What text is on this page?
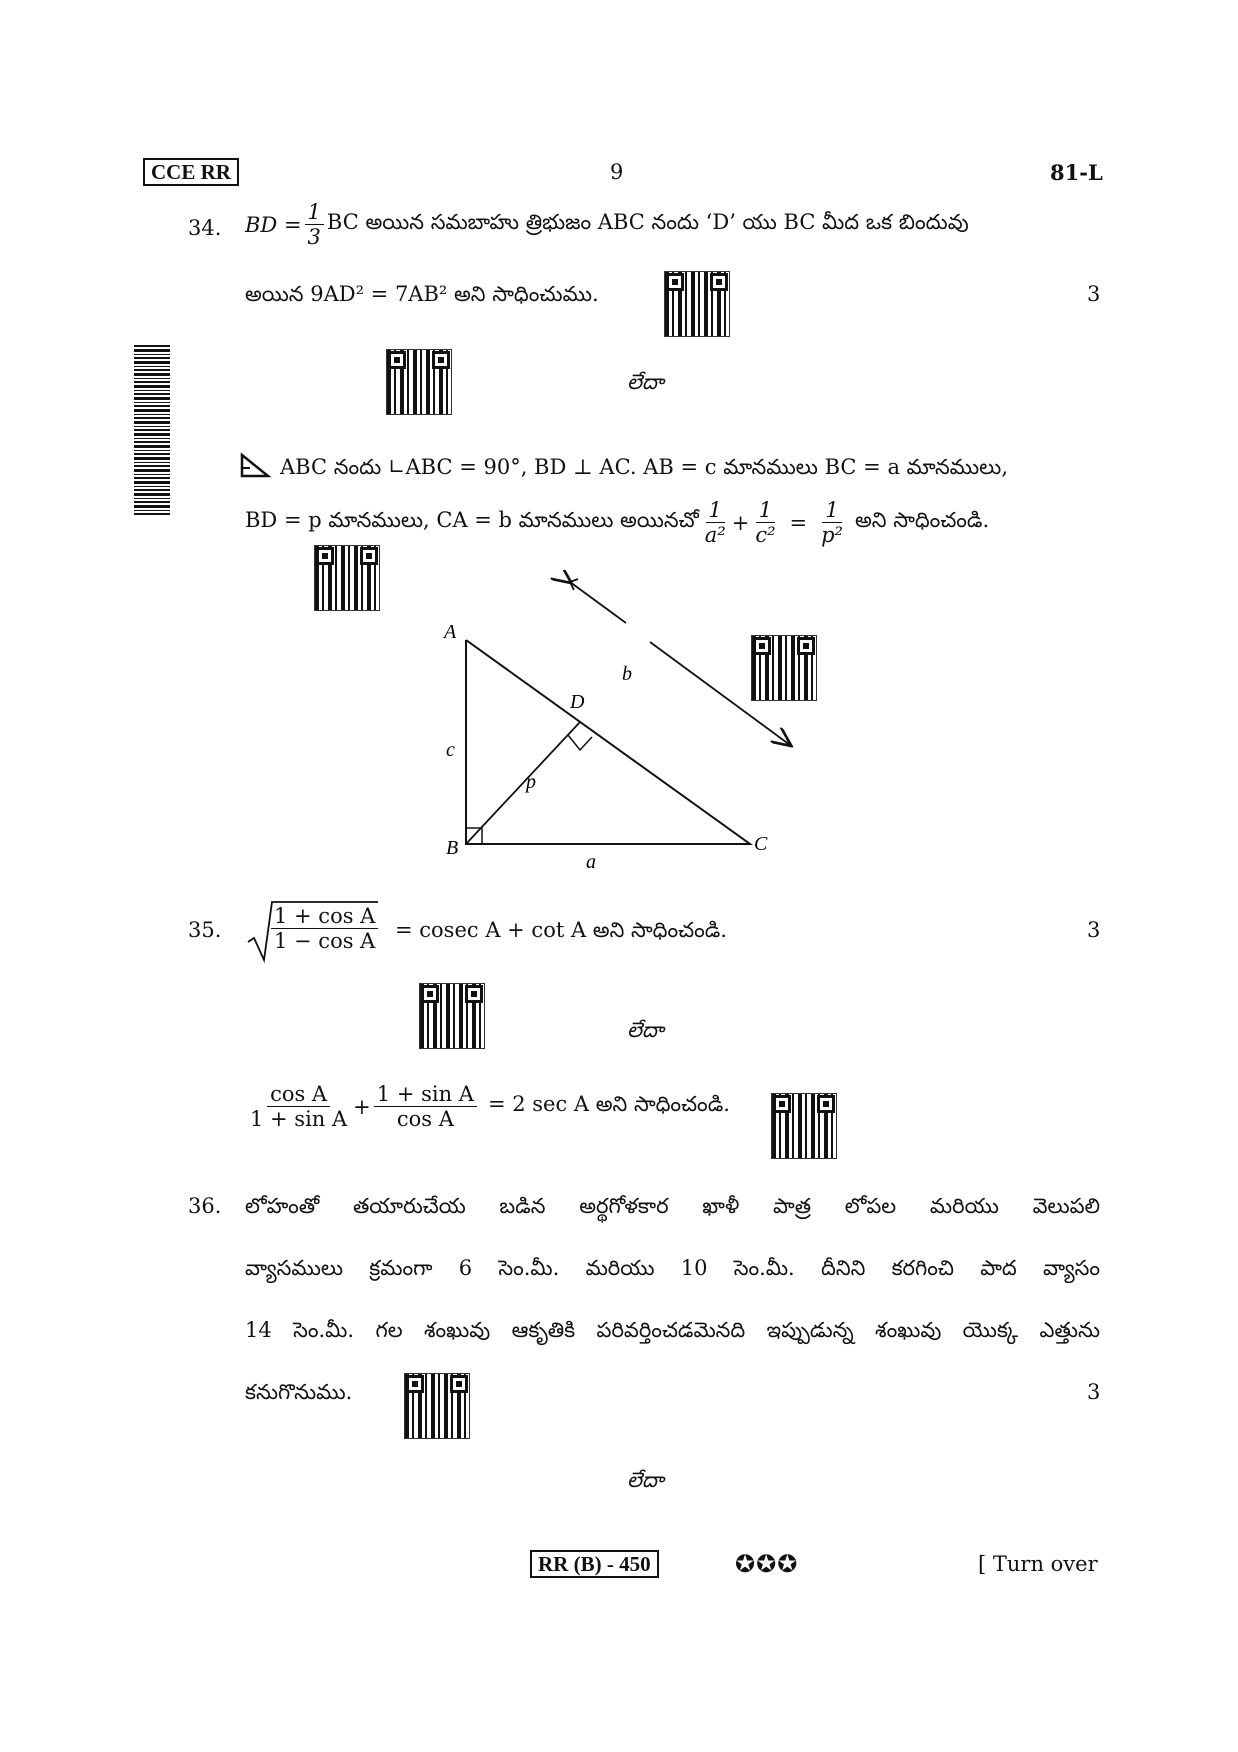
CCE RR	9	81-L
34. BD = $\frac{1}{3}$ BC అయిన సమబాహు త్రిభుజం ABC నందు ‘D’ యు BC మీద ఒక బిందువు
అయిన 9AD² = 7AB² అని సాధించుము.	3
లేదా
ABC నందు ∟ABC = 90°, BD ⊥ AC. AB = c మానములు BC = a మానములు,
BD = p మానములు, CA = b మానములు అయినచో $\frac{1}{\text{a²}} + \frac{1}{\text{c²}} = \frac{1}{\text{p²}}$ అని సాధించండి.
A
B	C
D
a
b
c
p
35. $\frac{\text{1 + cos A}}{\text{1 − cos A}} = cosec$ A + cot A అని సాధించండి.	3
లేదా
$\frac{\text{cos A}}{\text{1 + sin A}} + \frac{\text{1 + sin A}}{\text{cos A}} = 2$ sec A అని సాధించండి.
36. లోహంతో తయారుచేయ బడిన అర్థగోళకార ఖాళీ పాత్ర లోపల మరియు వెలుపలి
వ్యాసములు క్రమంగా 6 సెం.మీ. మరియు 10 సెం.మీ. దీనిని కరగించి పాద వ్యాసం
14 సెం.మీ. గల శంఖువు ఆకృతికి పరివర్తించడమెనది ఇప్పుడున్న శంఖువు యొక్క ఎత్తును
కనుగొనుము.	3
లేదా
RR (B) - 450	✪✪✪	[ Turn over
